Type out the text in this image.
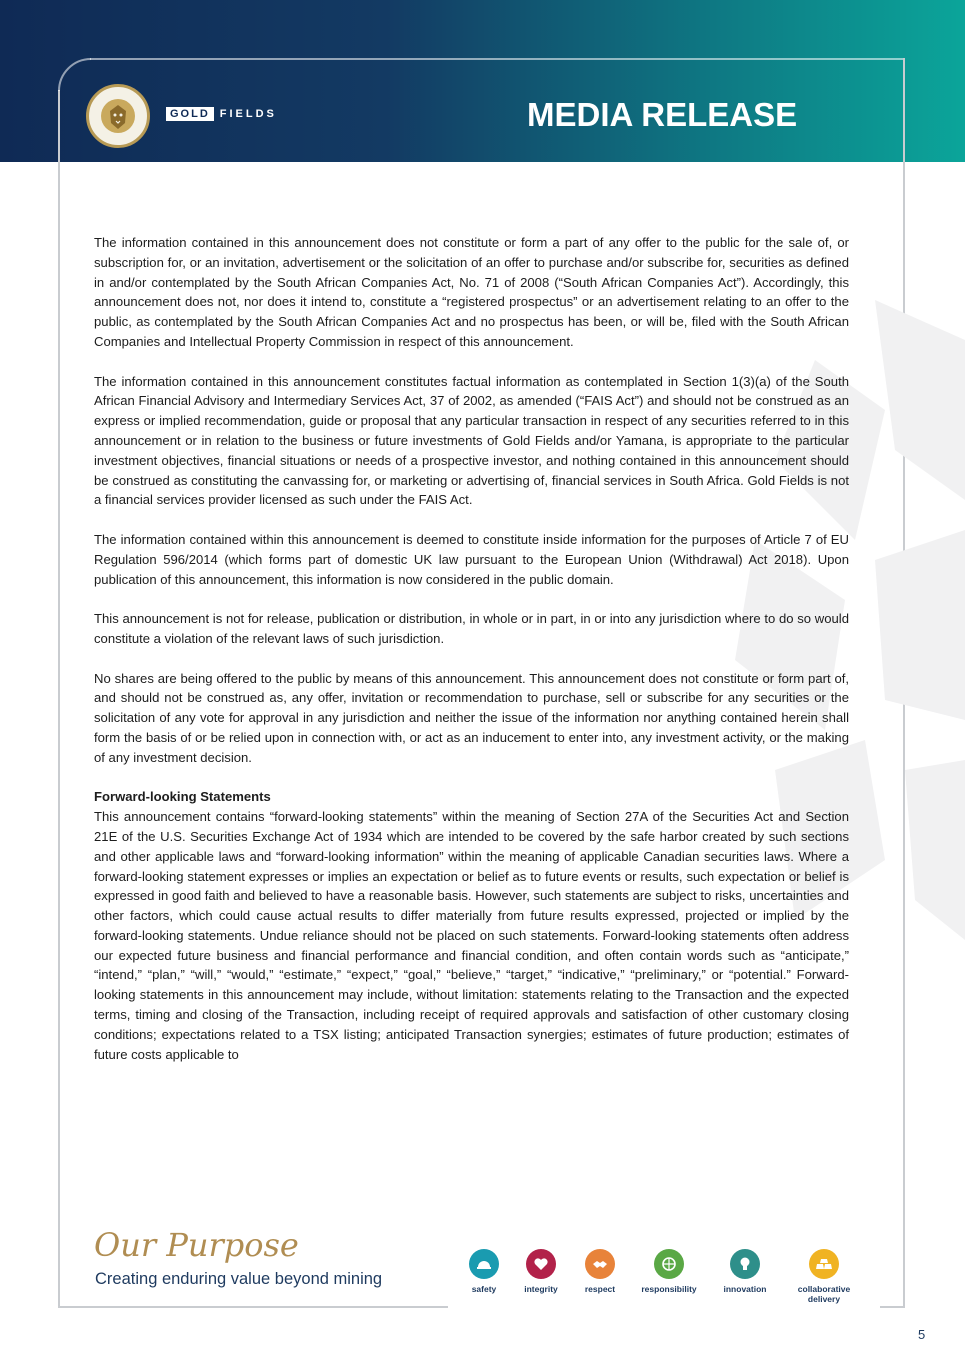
GOLD FIELDS	MEDIA RELEASE

The information contained in this announcement does not constitute or form a part of any offer to the public for the sale of, or subscription for, or an invitation, advertisement or the solicitation of an offer to purchase and/or subscribe for, securities as defined in and/or contemplated by the South African Companies Act, No. 71 of 2008 (“South African Companies Act”). Accordingly, this announcement does not, nor does it intend to, constitute a “registered prospectus” or an advertisement relating to an offer to the public, as contemplated by the South African Companies Act and no prospectus has been, or will be, filed with the South African Companies and Intellectual Property Commission in respect of this announcement.

The information contained in this announcement constitutes factual information as contemplated in Section 1(3)(a) of the South African Financial Advisory and Intermediary Services Act, 37 of 2002, as amended (“FAIS Act”) and should not be construed as an express or implied recommendation, guide or proposal that any particular transaction in respect of any securities referred to in this announcement or in relation to the business or future investments of Gold Fields and/or Yamana, is appropriate to the particular investment objectives, financial situations or needs of a prospective investor, and nothing contained in this announcement should be construed as constituting the canvassing for, or marketing or advertising of, financial services in South Africa. Gold Fields is not a financial services provider licensed as such under the FAIS Act.

The information contained within this announcement is deemed to constitute inside information for the purposes of Article 7 of EU Regulation 596/2014 (which forms part of domestic UK law pursuant to the European Union (Withdrawal) Act 2018). Upon publication of this announcement, this information is now considered in the public domain.

This announcement is not for release, publication or distribution, in whole or in part, in or into any jurisdiction where to do so would constitute a violation of the relevant laws of such jurisdiction.

No shares are being offered to the public by means of this announcement. This announcement does not constitute or form part of, and should not be construed as, any offer, invitation or recommendation to purchase, sell or subscribe for any securities or the solicitation of any vote for approval in any jurisdiction and neither the issue of the information nor anything contained herein shall form the basis of or be relied upon in connection with, or act as an inducement to enter into, any investment activity, or the making of any investment decision.

Forward-looking Statements

This announcement contains “forward-looking statements” within the meaning of Section 27A of the Securities Act and Section 21E of the U.S. Securities Exchange Act of 1934 which are intended to be covered by the safe harbor created by such sections and other applicable laws and “forward-looking information” within the meaning of applicable Canadian securities laws. Where a forward-looking statement expresses or implies an expectation or belief as to future events or results, such expectation or belief is expressed in good faith and believed to have a reasonable basis. However, such statements are subject to risks, uncertainties and other factors, which could cause actual results to differ materially from future results expressed, projected or implied by the forward-looking statements. Undue reliance should not be placed on such statements. Forward-looking statements often address our expected future business and financial performance and financial condition, and often contain words such as “anticipate,” “intend,” “plan,” “will,” “would,” “estimate,” “expect,” “goal,” “believe,” “target,” “indicative,” “preliminary,” or “potential.” Forward-looking statements in this announcement may include, without limitation: statements relating to the Transaction and the expected terms, timing and closing of the Transaction, including receipt of required approvals and satisfaction of other customary closing conditions; expectations related to a TSX listing; anticipated Transaction synergies; estimates of future production; estimates of future costs applicable to

Our Purpose
Creating enduring value beyond mining
safety	integrity	respect	responsibility	innovation	collaborative delivery
5
